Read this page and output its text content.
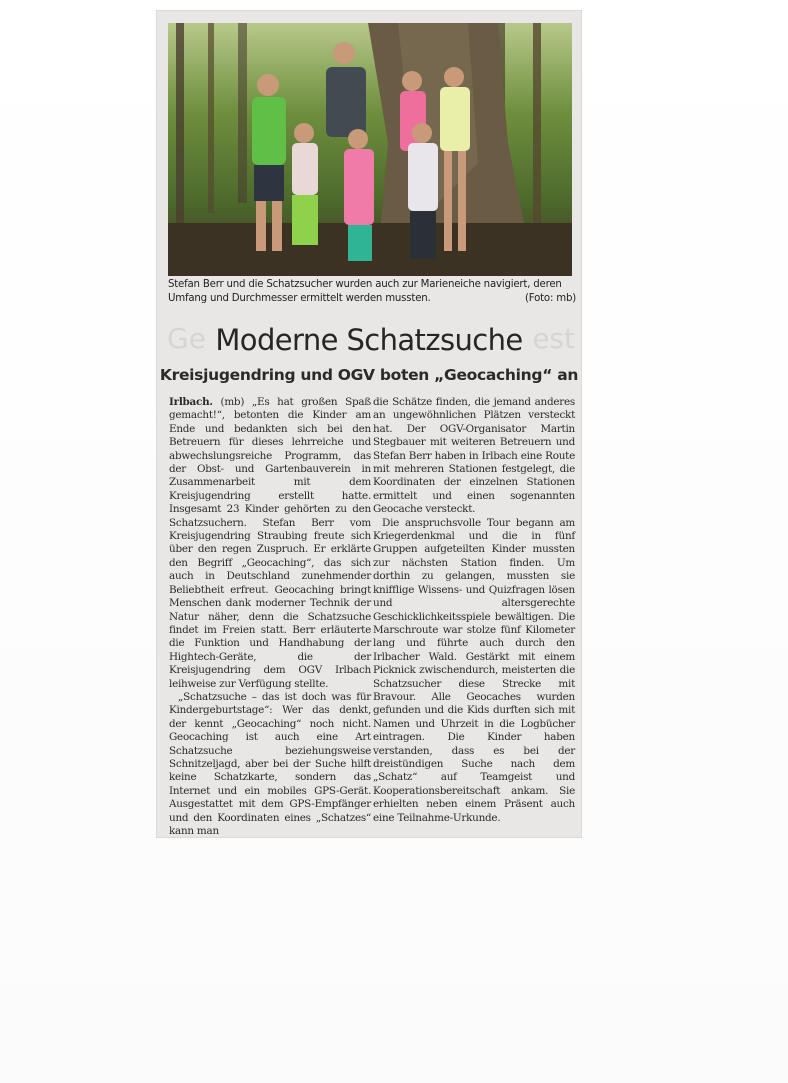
Stefan Berr und die Schatzsucher wurden auch zur Marieneiche navigiert, deren Umfang und Durchmesser ermittelt werden mussten.	(Foto: mb)
Ge	est
Moderne Schatzsuche
Kreisjugendring und OGV boten „Geocaching“ an

Irlbach. (mb) „Es hat großen Spaß gemacht!“, betonten die Kinder am Ende und bedankten sich bei den Betreuern für dieses lehrreiche und abwechslungsreiche Programm, das der Obst- und Gartenbauverein in Zusammenarbeit mit dem Kreisjugendring erstellt hatte. Insgesamt 23 Kinder gehörten zu den Schatzsuchern. Stefan Berr vom Kreisjugendring Straubing freute sich über den regen Zuspruch. Er erklärte den Begriff „Geocaching“, das sich auch in Deutschland zunehmender Beliebtheit erfreut. Geocaching bringt Menschen dank moderner Technik der Natur näher, denn die Schatzsuche findet im Freien statt. Berr erläuterte die Funktion und Handhabung der Hightech-Geräte, die der Kreisjugendring dem OGV Irlbach leihweise zur Verfügung stellte.

„Schatzsuche – das ist doch was für Kindergeburtstage“: Wer das denkt, der kennt „Geocaching“ noch nicht. Geocaching ist auch eine Art Schatzsuche beziehungsweise Schnitzeljagd, aber bei der Suche hilft keine Schatzkarte, sondern das Internet und ein mobiles GPS-Gerät. Ausgestattet mit dem GPS-Empfänger und den Koordinaten eines „Schatzes“ kann man

die Schätze finden, die jemand anderes an ungewöhnlichen Plätzen versteckt hat. Der OGV-Organisator Martin Stegbauer mit weiteren Betreuern und Stefan Berr haben in Irlbach eine Route mit mehreren Stationen festgelegt, die Koordinaten der einzelnen Stationen ermittelt und einen sogenannten Geocache versteckt.

Die anspruchsvolle Tour begann am Kriegerdenkmal und die in fünf Gruppen aufgeteilten Kinder mussten zur nächsten Station finden. Um dorthin zu gelangen, mussten sie knifflige Wissens- und Quizfragen lösen und altersgerechte Geschicklichkeitsspiele bewältigen. Die Marschroute war stolze fünf Kilometer lang und führte auch durch den Irlbacher Wald. Gestärkt mit einem Picknick zwischendurch, meisterten die Schatzsucher diese Strecke mit Bravour. Alle Geocaches wurden gefunden und die Kids durften sich mit Namen und Uhrzeit in die Logbücher eintragen. Die Kinder haben verstanden, dass es bei der dreistündigen Suche nach dem „Schatz“ auf Teamgeist und Kooperationsbereitschaft ankam. Sie erhielten neben einem Präsent auch eine Teilnahme-Urkunde.
